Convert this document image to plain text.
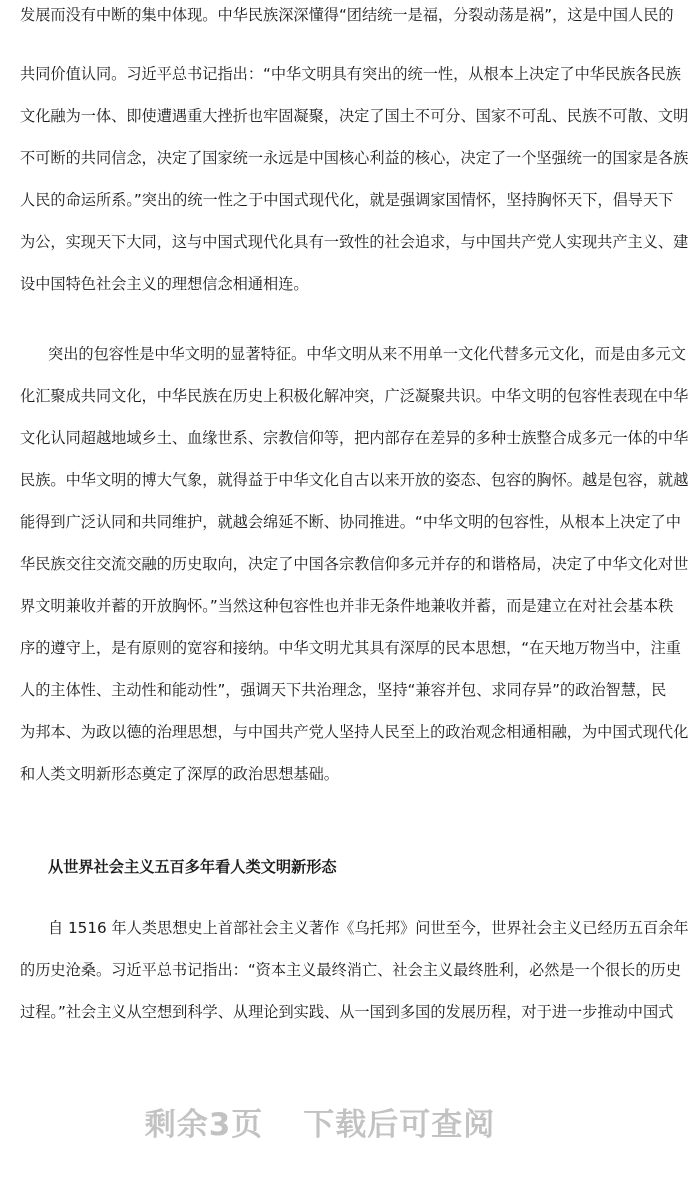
发展而没有中断的集中体现。中华民族深深懂得“团结统一是福，分裂动荡是祸”，这是中国人民的
共同价值认同。习近平总书记指出：“中华文明具有突出的统一性，从根本上决定了中华民族各民族
文化融为一体、即使遭遇重大挫折也牢固凝聚，决定了国土不可分、国家不可乱、民族不可散、文明
不可断的共同信念，决定了国家统一永远是中国核心利益的核心，决定了一个坚强统一的国家是各族
人民的命运所系。”突出的统一性之于中国式现代化，就是强调家国情怀，坚持胸怀天下，倡导天下
为公，实现天下大同，这与中国式现代化具有一致性的社会追求，与中国共产党人实现共产主义、建
设中国特色社会主义的理想信念相通相连。
突出的包容性是中华文明的显著特征。中华文明从来不用单一文化代替多元文化，而是由多元文
化汇聚成共同文化，中华民族在历史上积极化解冲突，广泛凝聚共识。中华文明的包容性表现在中华
文化认同超越地域乡土、血缘世系、宗教信仰等，把内部存在差异的多种士族整合成多元一体的中华
民族。中华文明的博大气象，就得益于中华文化自古以来开放的姿态、包容的胸怀。越是包容，就越
能得到广泛认同和共同维护，就越会绵延不断、协同推进。“中华文明的包容性，从根本上决定了中
华民族交往交流交融的历史取向，决定了中国各宗教信仰多元并存的和谐格局，决定了中华文化对世
界文明兼收并蓄的开放胸怀。”当然这种包容性也并非无条件地兼收并蓄，而是建立在对社会基本秩
序的遵守上，是有原则的宽容和接纳。中华文明尤其具有深厚的民本思想，“在天地万物当中，注重
人的主体性、主动性和能动性”，强调天下共治理念，坚持“兼容并包、求同存异”的政治智慧，民
为邦本、为政以德的治理思想，与中国共产党人坚持人民至上的政治观念相通相融，为中国式现代化
和人类文明新形态奠定了深厚的政治思想基础。
从世界社会主义五百多年看人类文明新形态
自 1516 年人类思想史上首部社会主义著作《乌托邦》问世至今，世界社会主义已经历五百余年
的历史沧桑。习近平总书记指出：“资本主义最终消亡、社会主义最终胜利，必然是一个很长的历史
过程。”社会主义从空想到科学、从理论到实践、从一国到多国的发展历程，对于进一步推动中国式
剩余3页 下载后可查阅
